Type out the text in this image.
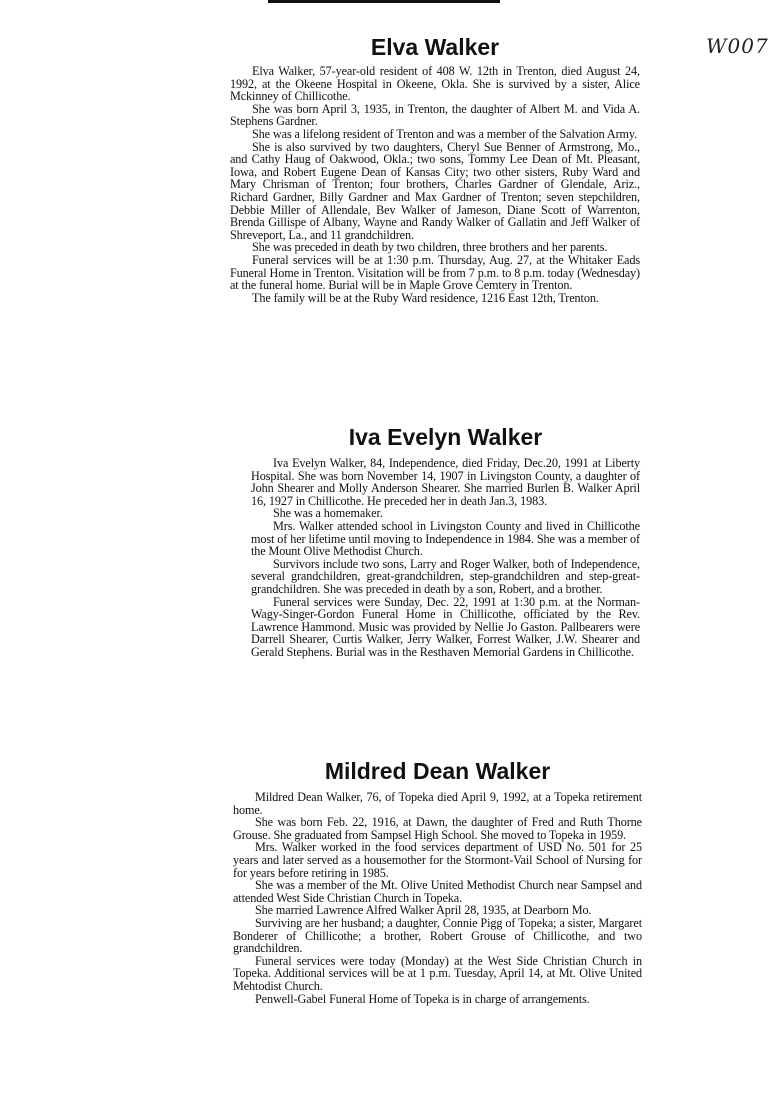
W007
Elva Walker

Elva Walker, 57-year-old resident of 408 W. 12th in Trenton, died August 24, 1992, at the Okeene Hospital in Okeene, Okla. She is survived by a sister, Alice Mckinney of Chillicothe.

She was born April 3, 1935, in Trenton, the daughter of Albert M. and Vida A. Stephens Gardner.

She was a lifelong resident of Trenton and was a member of the Salvation Army.

She is also survived by two daughters, Cheryl Sue Benner of Armstrong, Mo., and Cathy Haug of Oakwood, Okla.; two sons, Tommy Lee Dean of Mt. Pleasant, Iowa, and Robert Eugene Dean of Kansas City; two other sisters, Ruby Ward and Mary Chrisman of Trenton; four brothers, Charles Gardner of Glendale, Ariz., Richard Gardner, Billy Gardner and Max Gardner of Trenton; seven stepchildren, Debbie Miller of Allendale, Bev Walker of Jameson, Diane Scott of Warrenton, Brenda Gillispe of Albany, Wayne and Randy Walker of Gallatin and Jeff Walker of Shreveport, La., and 11 grandchildren.

She was preceded in death by two children, three brothers and her parents.

Funeral services will be at 1:30 p.m. Thursday, Aug. 27, at the Whitaker Eads Funeral Home in Trenton. Visitation will be from 7 p.m. to 8 p.m. today (Wednesday) at the funeral home. Burial will be in Maple Grove Cemtery in Trenton.

The family will be at the Ruby Ward residence, 1216 East 12th, Trenton.

Iva Evelyn Walker

Iva Evelyn Walker, 84, Independence, died Friday, Dec.20, 1991 at Liberty Hospital. She was born November 14, 1907 in Livingston County, a daughter of John Shearer and Molly Anderson Shearer. She married Burlen B. Walker April 16, 1927 in Chillicothe. He preceded her in death Jan.3, 1983.

She was a homemaker.

Mrs. Walker attended school in Livingston County and lived in Chillicothe most of her lifetime until moving to Independence in 1984. She was a member of the Mount Olive Methodist Church.

Survivors include two sons, Larry and Roger Walker, both of Independence, several grandchildren, great-grandchildren, step-grandchildren and step-great-grandchildren. She was preceded in death by a son, Robert, and a brother.

Funeral services were Sunday, Dec. 22, 1991 at 1:30 p.m. at the Norman-Wagy-Singer-Gordon Funeral Home in Chillicothe, officiated by the Rev. Lawrence Hammond. Music was provided by Nellie Jo Gaston. Pallbearers were Darrell Shearer, Curtis Walker, Jerry Walker, Forrest Walker, J.W. Shearer and Gerald Stephens. Burial was in the Resthaven Memorial Gardens in Chillicothe.

Mildred Dean Walker

Mildred Dean Walker, 76, of Topeka died April 9, 1992, at a Topeka retirement home.

She was born Feb. 22, 1916, at Dawn, the daughter of Fred and Ruth Thorne Grouse. She graduated from Sampsel High School. She moved to Topeka in 1959.

Mrs. Walker worked in the food services department of USD No. 501 for 25 years and later served as a housemother for the Stormont-Vail School of Nursing for for years before retiring in 1985.

She was a member of the Mt. Olive United Methodist Church near Sampsel and attended West Side Christian Church in Topeka.

She married Lawrence Alfred Walker April 28, 1935, at Dearborn Mo.

Surviving are her husband; a daughter, Connie Pigg of Topeka; a sister, Margaret Bonderer of Chillicothe; a brother, Robert Grouse of Chillicothe, and two grandchildren.

Funeral services were today (Monday) at the West Side Christian Church in Topeka. Additional services will be at 1 p.m. Tuesday, April 14, at Mt. Olive United Mehtodist Church.

Penwell-Gabel Funeral Home of Topeka is in charge of arrangements.
